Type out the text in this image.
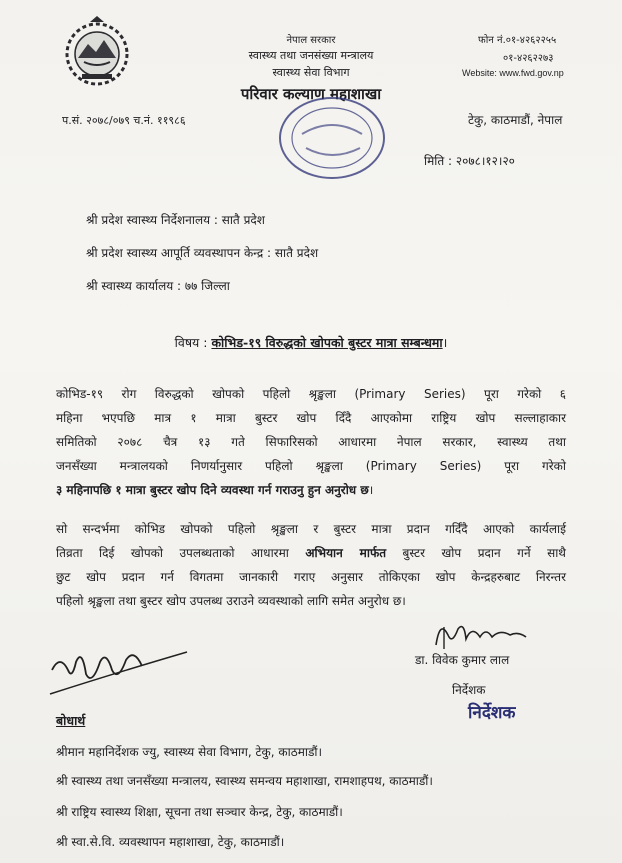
नेपाल सरकार
स्वास्थ्य तथा जनसंख्या मन्त्रालय
स्वास्थ्य सेवा विभाग
परिवार कल्याण महाशाखा
फोन नं.०१-४२६२२५५
०१-४२६२२७३
Website: www.fwd.gov.np
प.सं. २०७८/०७९ च.नं. ११९८६	टेकु, काठमाडौं, नेपाल
मिति : २०७८।१२।२०
श्री प्रदेश स्वास्थ्य निर्देशनालय : सातै प्रदेश
श्री प्रदेश स्वास्थ्य आपूर्ति व्यवस्थापन केन्द्र : सातै प्रदेश
श्री स्वास्थ्य कार्यालय : ७७ जिल्ला
विषय : कोभिड-१९ विरुद्धको खोपको बुस्टर मात्रा सम्बन्धमा।
कोभिड-१९ रोग विरुद्धको खोपको पहिलो श्रृङ्खला (Primary Series) पूरा गरेको ६
महिना भएपछि मात्र १ मात्रा बुस्टर खोप दिँदै आएकोमा राष्ट्रिय खोप सल्लाहाकार
समितिको २०७८ चैत्र १३ गते सिफारिसको आधारमा नेपाल सरकार, स्वास्थ्य तथा
जनसँख्या मन्त्रालयको निणर्यानुसार पहिलो श्रृङ्खला (Primary Series) पूरा गरेको
३ महिनापछि १ मात्रा बुस्टर खोप दिने व्यवस्था गर्न गराउनु हुन अनुरोध छ।
सो सन्दर्भमा कोभिड खोपको पहिलो श्रृङ्खला र बुस्टर मात्रा प्रदान गर्दिँदै आएको कार्यलाई
तिव्रता दिई खोपको उपलब्धताको आधारमा अभियान मार्फत बुस्टर खोप प्रदान गर्ने साथै
छुट खोप प्रदान गर्न विगतमा जानकारी गराए अनुसार तोकिएका खोप केन्द्रहरुबाट निरन्तर
पहिलो श्रृङ्खला तथा बुस्टर खोप उपलब्ध उराउने व्यवस्थाको लागि समेत अनुरोध छ।
डा. विवेक कुमार लाल
निर्देशक
निर्देशक
बोधार्थ
श्रीमान महानिर्देशक ज्यु, स्वास्थ्य सेवा विभाग, टेकु, काठमाडौं।
श्री स्वास्थ्य तथा जनसँख्या मन्त्रालय, स्वास्थ्य समन्वय महाशाखा, रामशाहपथ, काठमाडौं।
श्री राष्ट्रिय स्वास्थ्य शिक्षा, सूचना तथा सञ्चार केन्द्र, टेकु, काठमाडौं।
श्री स्वा.से.वि. व्यवस्थापन महाशाखा, टेकु, काठमाडौं।
